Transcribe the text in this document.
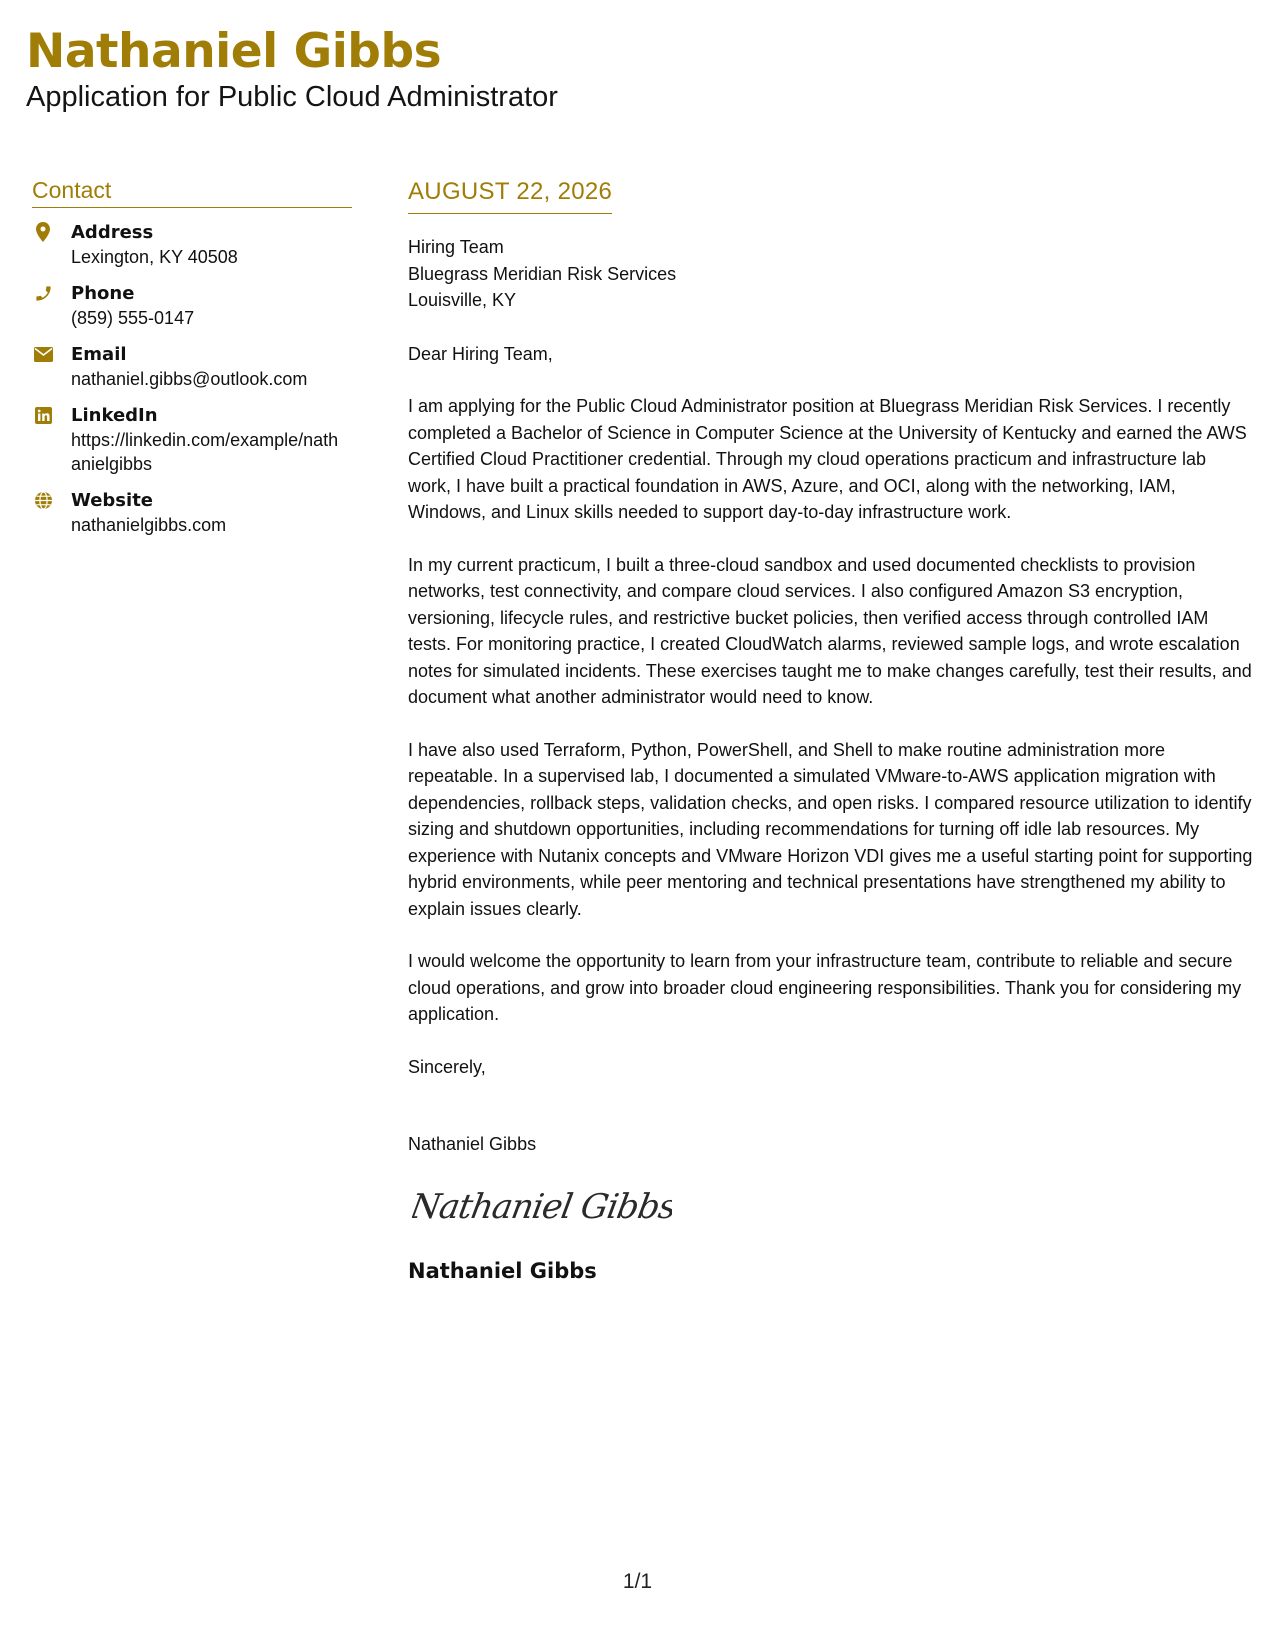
Nathaniel Gibbs
Application for Public Cloud Administrator
Contact
Address
Lexington, KY 40508
Phone
(859) 555-0147
Email
nathaniel.gibbs@outlook.com
LinkedIn
https://linkedin.com/example/nathanielgibbs
Website
nathanielgibbs.com
AUGUST 22, 2026
Hiring Team
Bluegrass Meridian Risk Services
Louisville, KY
Dear Hiring Team,
I am applying for the Public Cloud Administrator position at Bluegrass Meridian Risk Services. I recently completed a Bachelor of Science in Computer Science at the University of Kentucky and earned the AWS Certified Cloud Practitioner credential. Through my cloud operations practicum and infrastructure lab work, I have built a practical foundation in AWS, Azure, and OCI, along with the networking, IAM, Windows, and Linux skills needed to support day-to-day infrastructure work.
In my current practicum, I built a three-cloud sandbox and used documented checklists to provision networks, test connectivity, and compare cloud services. I also configured Amazon S3 encryption, versioning, lifecycle rules, and restrictive bucket policies, then verified access through controlled IAM tests. For monitoring practice, I created CloudWatch alarms, reviewed sample logs, and wrote escalation notes for simulated incidents. These exercises taught me to make changes carefully, test their results, and document what another administrator would need to know.
I have also used Terraform, Python, PowerShell, and Shell to make routine administration more repeatable. In a supervised lab, I documented a simulated VMware-to-AWS application migration with dependencies, rollback steps, validation checks, and open risks. I compared resource utilization to identify sizing and shutdown opportunities, including recommendations for turning off idle lab resources. My experience with Nutanix concepts and VMware Horizon VDI gives me a useful starting point for supporting hybrid environments, while peer mentoring and technical presentations have strengthened my ability to explain issues clearly.
I would welcome the opportunity to learn from your infrastructure team, contribute to reliable and secure cloud operations, and grow into broader cloud engineering responsibilities. Thank you for considering my application.
Sincerely,
Nathaniel Gibbs
Nathaniel Gibbs
Nathaniel Gibbs
1/1
